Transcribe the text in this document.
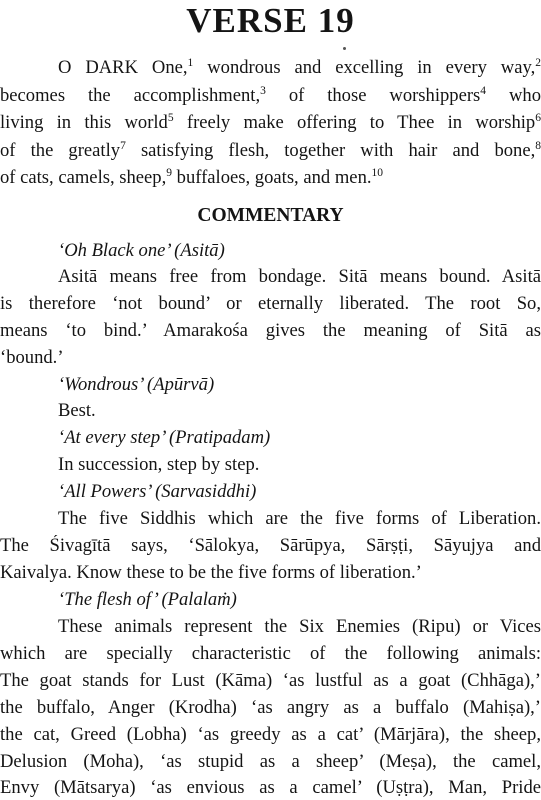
VERSE 19
O DARK One,$^1$ wondrous and excelling in every way,$^2$
becomes the accomplishment,$^3$ of those worshippers$^4$ who
living in this world$^5$ freely make offering to Thee in worship$^6$
of the greatly$^7$ satisfying flesh, together with hair and bone,$^8$
of cats, camels, sheep,$^9$ buffaloes, goats, and men.$^{10}$
COMMENTARY
‘Oh Black one’ (Asitā)
Asitā means free from bondage. Sitā means bound. Asitā
is therefore ‘not bound’ or eternally liberated. The root So,
means ‘to bind.’ Amarakośa gives the meaning of Sitā as
‘bound.’
‘Wondrous’ (Apūrvā)
Best.
‘At every step’ (Pratipadam)
In succession, step by step.
‘All Powers’ (Sarvasiddhi)
The five Siddhis which are the five forms of Liberation.
The Śivagītā says, ‘Sālokya, Sārūpya, Sārṣṭi, Sāyujya and
Kaivalya. Know these to be the five forms of liberation.’
‘The flesh of’ (Palalaṁ)
These animals represent the Six Enemies (Ripu) or Vices
which are specially characteristic of the following animals:
The goat stands for Lust (Kāma) ‘as lustful as a goat (Chhāga),’
the buffalo, Anger (Krodha) ‘as angry as a buffalo (Mahiṣa),’
the cat, Greed (Lobha) ‘as greedy as a cat’ (Mārjāra), the sheep,
Delusion (Moha), ‘as stupid as a sheep’ (Meṣa), the camel,
Envy (Mātsarya) ‘as envious as a camel’ (Uṣṭra), Man, Pride
